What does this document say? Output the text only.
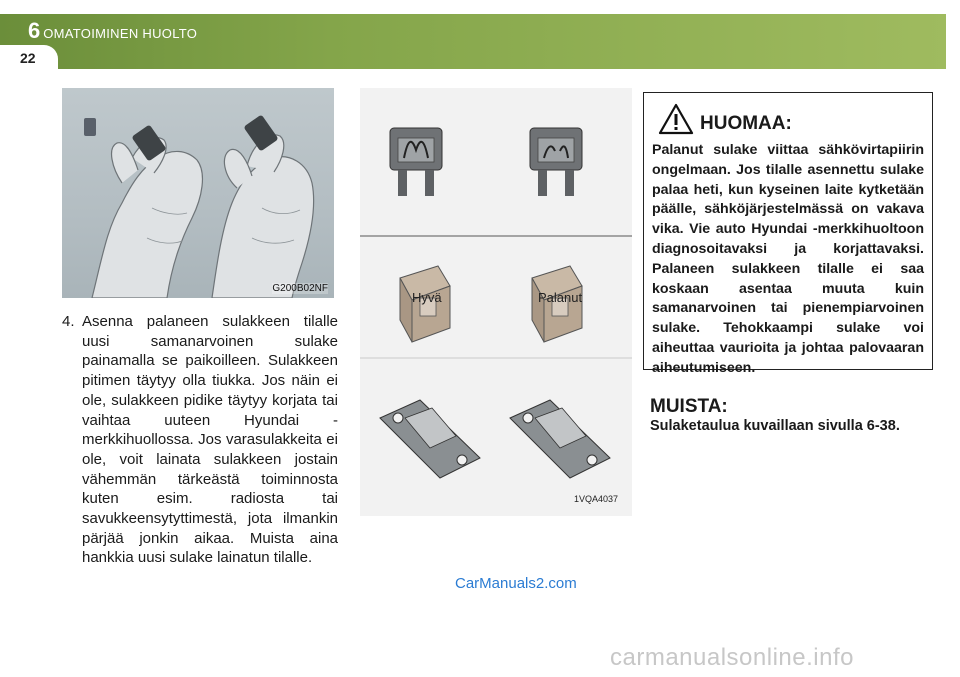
6 OMATOIMINEN HUOLTO
22
G200B02NF
4. Asenna palaneen sulakkeen tilalle uusi samanarvoinen sulake painamalla se paikoilleen. Sulakkeen pitimen täytyy olla tiukka. Jos näin ei ole, sulakkeen pidike täytyy korjata tai vaihtaa uuteen Hyundai -merkkihuollossa. Jos varasulakkeita ei ole, voit lainata sulakkeen jostain vähemmän tärkeästä toiminnosta kuten esim. radiosta tai savukkeensytyttimestä, jota ilmankin pärjää jonkin aikaa. Muista aina hankkia uusi sulake lainatun tilalle.
Hyvä	Palanut
1VQA4037
HUOMAA:
Palanut sulake viittaa sähkövirtapiirin ongelmaan. Jos tilalle asennettu sulake palaa heti, kun kyseinen laite kytketään päälle, sähköjärjestelmässä on vakava vika. Vie auto Hyundai -merkkihuoltoon diagnosoitavaksi ja korjattavaksi. Palaneen sulakkeen tilalle ei saa koskaan asentaa muuta kuin samanarvoinen tai pienempiarvoinen sulake. Tehokkaampi sulake voi aiheuttaa vaurioita ja johtaa palovaaran aiheutumiseen.
MUISTA:
Sulaketaulua kuvaillaan sivulla 6-38.
CarManuals2.com
carmanualsonline.info
